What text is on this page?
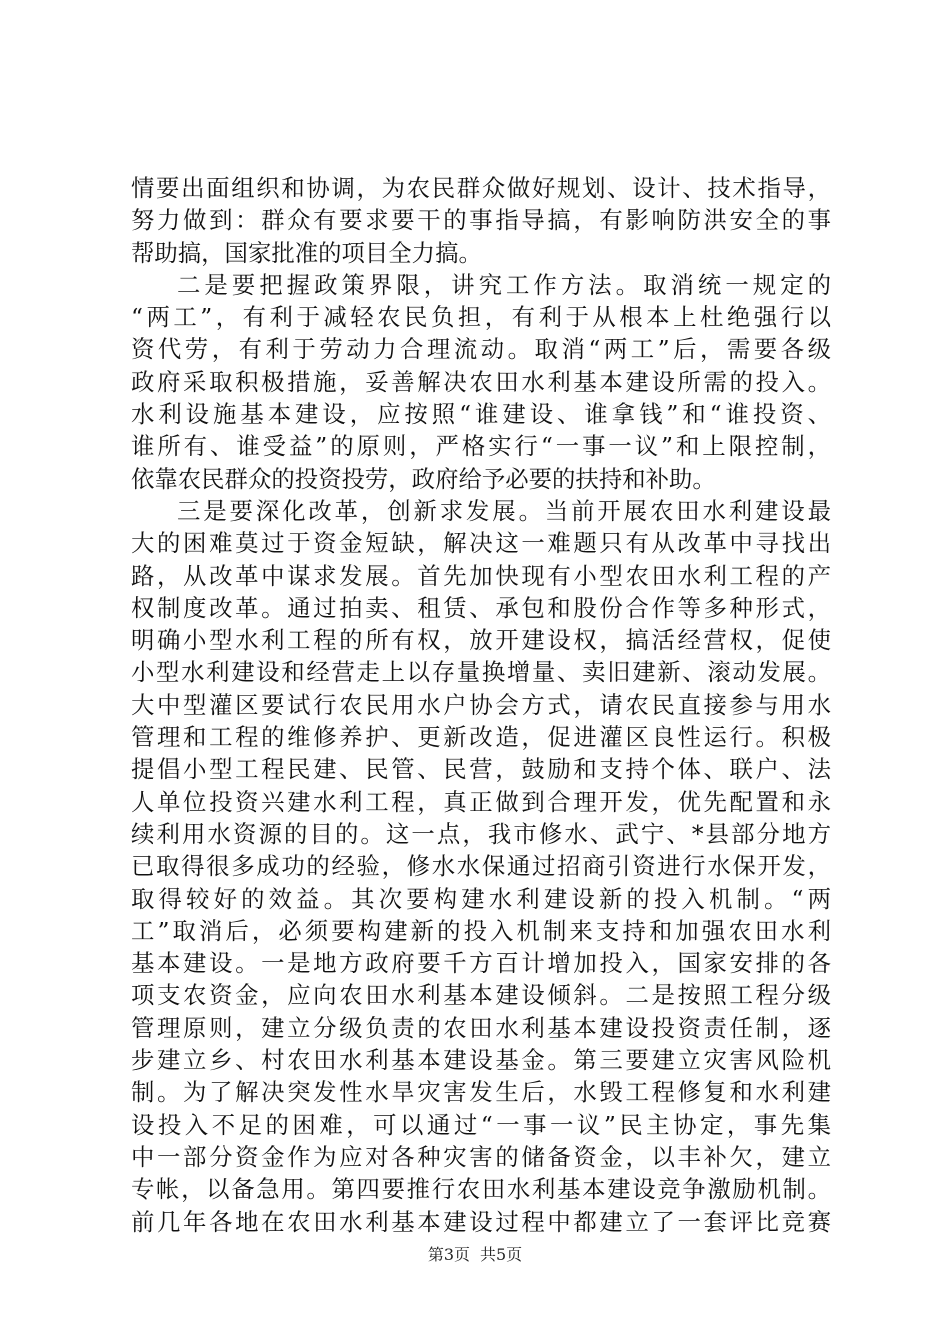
情要出面组织和协调，为农民群众做好规划、设计、技术指导，
努力做到：群众有要求要干的事指导搞，有影响防洪安全的事
帮助搞，国家批准的项目全力搞。
二是要把握政策界限，讲究工作方法。取消统一规定的
“两工”，有利于减轻农民负担，有利于从根本上杜绝强行以
资代劳，有利于劳动力合理流动。取消“两工”后，需要各级
政府采取积极措施，妥善解决农田水利基本建设所需的投入。
水利设施基本建设，应按照“谁建设、谁拿钱”和“谁投资、
谁所有、谁受益”的原则，严格实行“一事一议”和上限控制，
依靠农民群众的投资投劳，政府给予必要的扶持和补助。
三是要深化改革，创新求发展。当前开展农田水利建设最
大的困难莫过于资金短缺，解决这一难题只有从改革中寻找出
路，从改革中谋求发展。首先加快现有小型农田水利工程的产
权制度改革。通过拍卖、租赁、承包和股份合作等多种形式，
明确小型水利工程的所有权，放开建设权，搞活经营权，促使
小型水利建设和经营走上以存量换增量、卖旧建新、滚动发展。
大中型灌区要试行农民用水户协会方式，请农民直接参与用水
管理和工程的维修养护、更新改造，促进灌区良性运行。积极
提倡小型工程民建、民管、民营，鼓励和支持个体、联户、法
人单位投资兴建水利工程，真正做到合理开发，优先配置和永
续利用水资源的目的。这一点，我市修水、武宁、*县部分地方
已取得很多成功的经验，修水水保通过招商引资进行水保开发，
取得较好的效益。其次要构建水利建设新的投入机制。“两
工”取消后，必须要构建新的投入机制来支持和加强农田水利
基本建设。一是地方政府要千方百计增加投入，国家安排的各
项支农资金，应向农田水利基本建设倾斜。二是按照工程分级
管理原则，建立分级负责的农田水利基本建设投资责任制，逐
步建立乡、村农田水利基本建设基金。第三要建立灾害风险机
制。为了解决突发性水旱灾害发生后，水毁工程修复和水利建
设投入不足的困难，可以通过“一事一议”民主协定，事先集
中一部分资金作为应对各种灾害的储备资金，以丰补欠，建立
专帐，以备急用。第四要推行农田水利基本建设竞争激励机制。
前几年各地在农田水利基本建设过程中都建立了一套评比竞赛
第3页 共5页
